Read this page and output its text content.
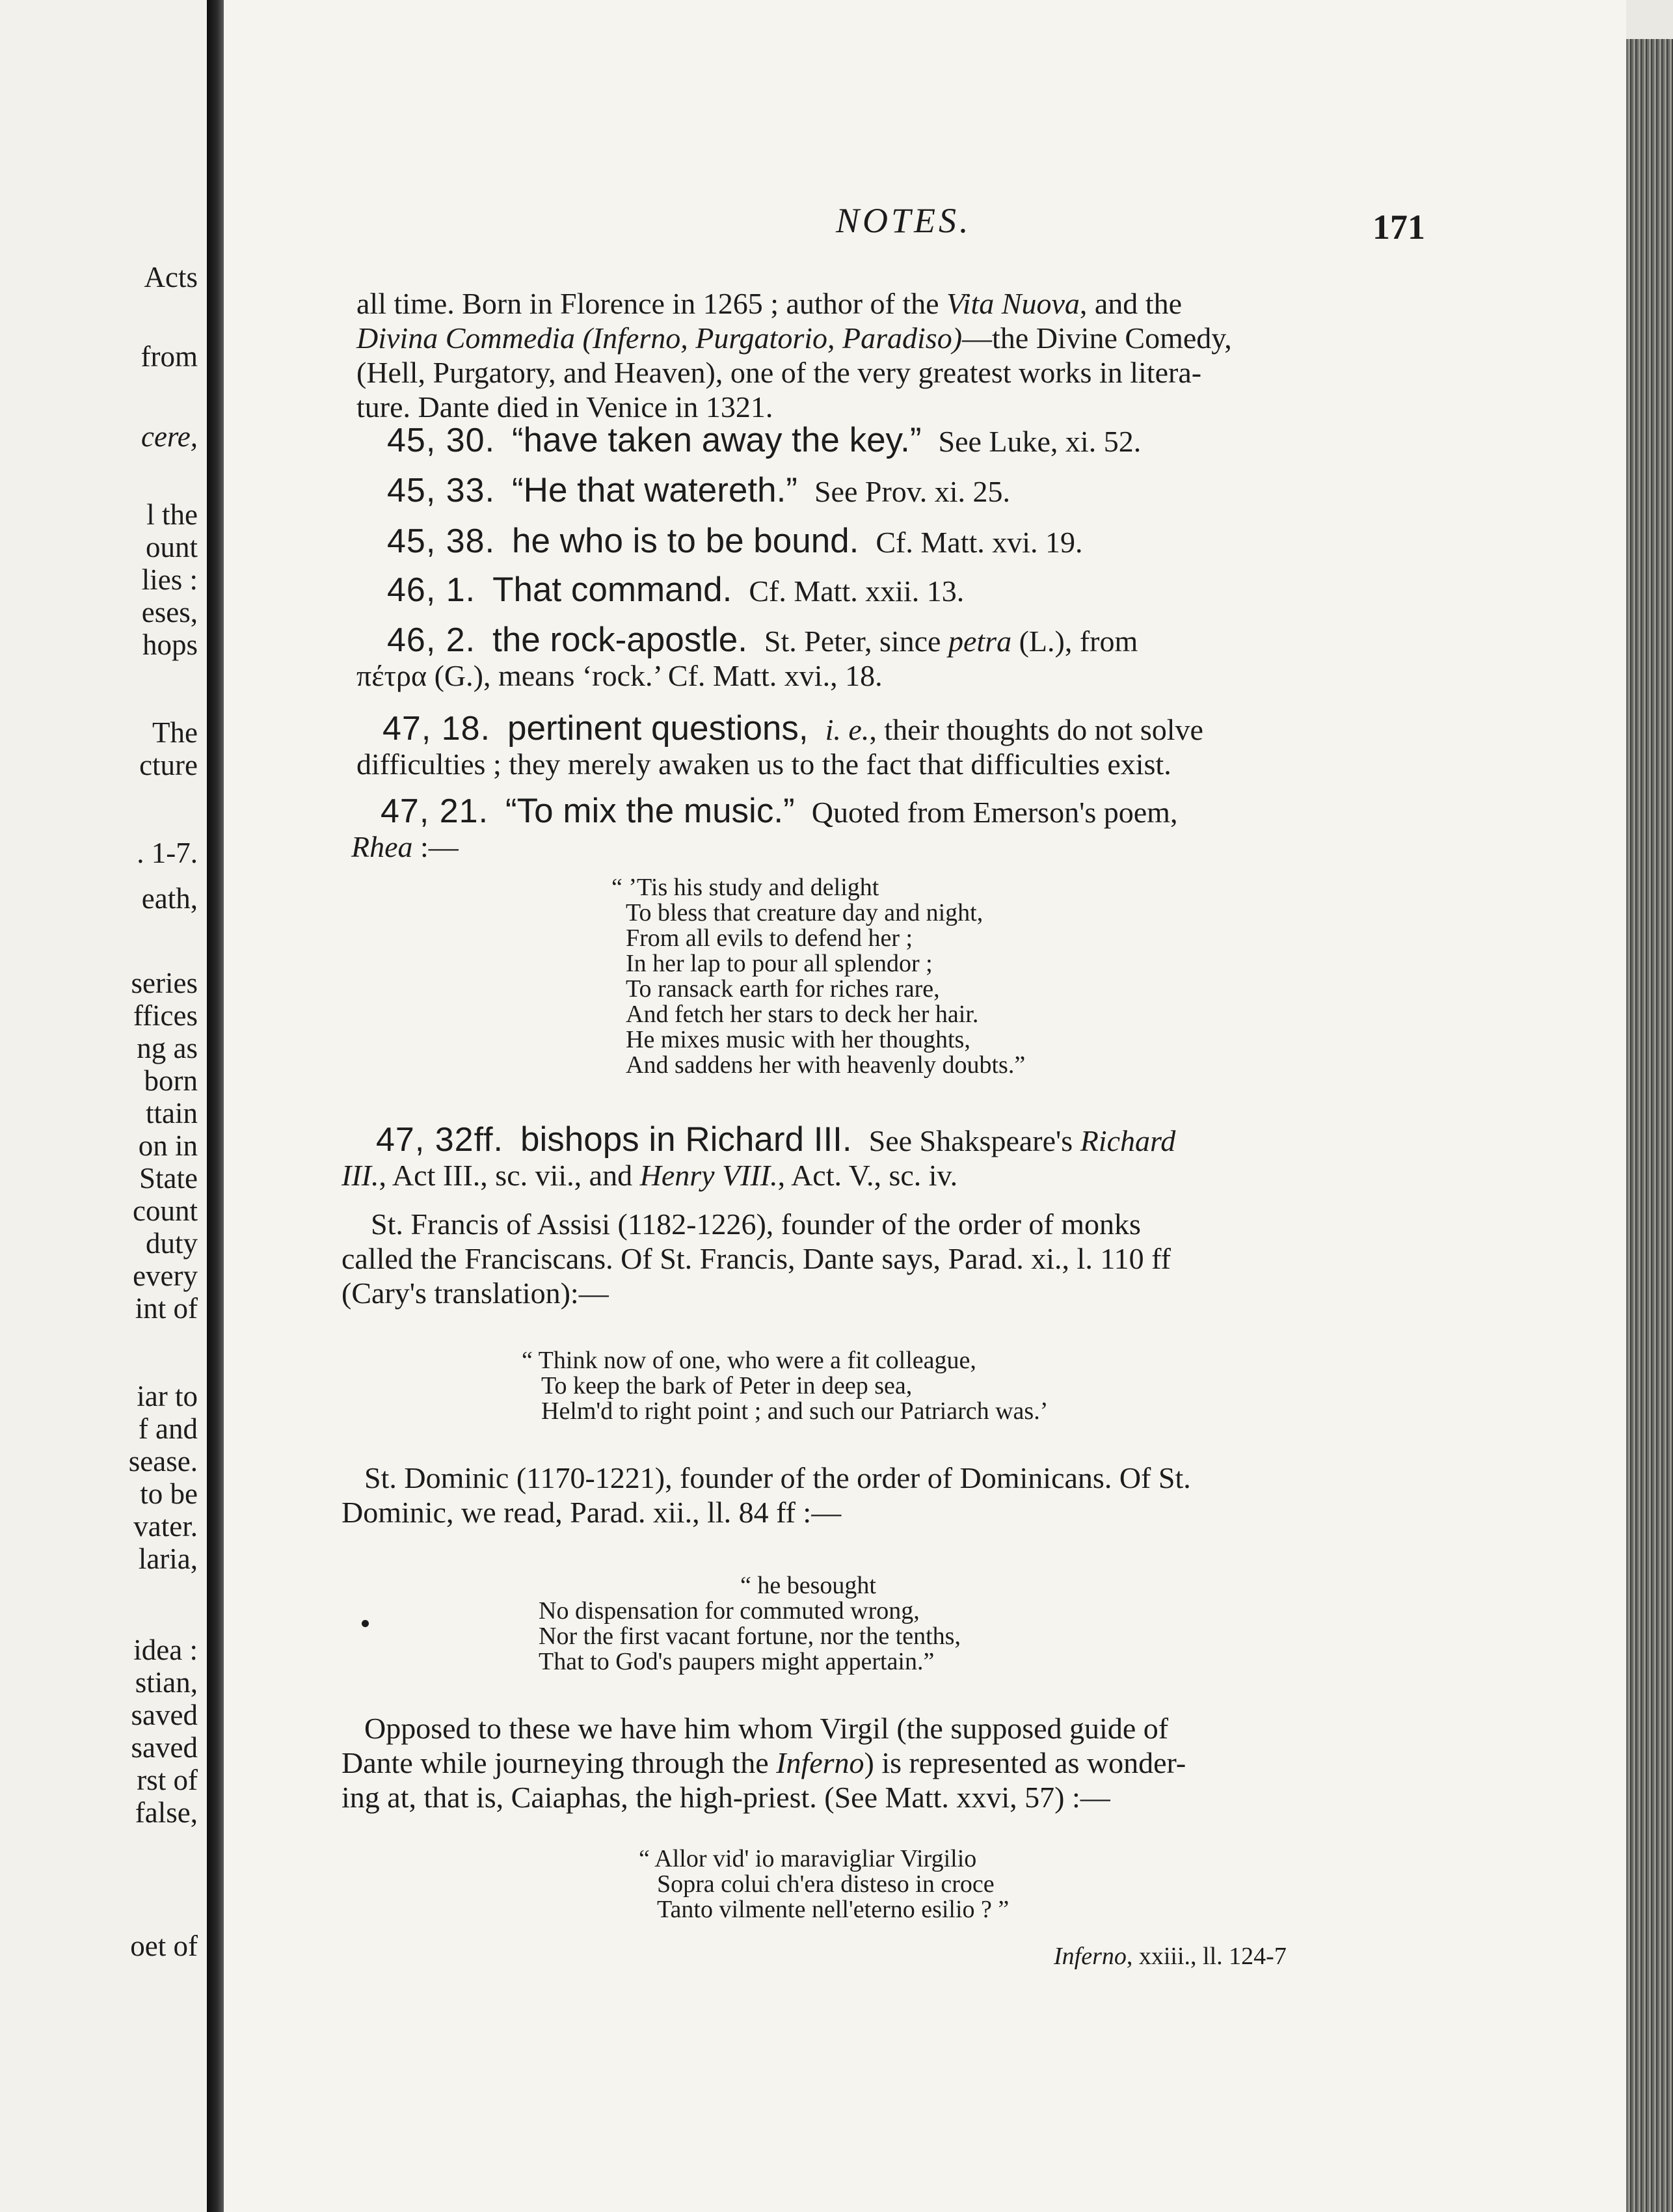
Acts
from
cere,
l the
ount
lies :
eses,
hops
The
cture
. 1-7.
eath,
series
ffices
ng as
born
ttain
on in
State
count
duty
every
int of
iar to
f and
sease.
to be
vater.
laria,
idea :
stian,
saved
saved
rst of
false,
oet of
NOTES.	171
all time. Born in Florence in 1265 ; author of the Vita Nuova, and the
Divina Commedia (Inferno, Purgatorio, Paradiso)—the Divine Comedy,
(Hell, Purgatory, and Heaven), one of the very greatest works in litera-
ture. Dante died in Venice in 1321.
45, 30. “have taken away the key.” See Luke, xi. 52.
45, 33. “He that watereth.” See Prov. xi. 25.
45, 38. he who is to be bound. Cf. Matt. xvi. 19.
46, 1. That command. Cf. Matt. xxii. 13.
46, 2. the rock-apostle. St. Peter, since petra (L.), from
πέτρα (G.), means ‘rock.’ Cf. Matt. xvi., 18.
47, 18. pertinent questions, i. e., their thoughts do not solve
difficulties ; they merely awaken us to the fact that difficulties exist.
47, 21. “To mix the music.” Quoted from Emerson's poem,
Rhea :—
“ ’Tis his study and delight
To bless that creature day and night,
From all evils to defend her ;
In her lap to pour all splendor ;
To ransack earth for riches rare,
And fetch her stars to deck her hair.
He mixes music with her thoughts,
And saddens her with heavenly doubts.”
47, 32ff. bishops in Richard III. See Shakspeare's Richard
III., Act III., sc. vii., and Henry VIII., Act. V., sc. iv.
St. Francis of Assisi (1182-1226), founder of the order of monks
called the Franciscans. Of St. Francis, Dante says, Parad. xi., l. 110 ff
(Cary's translation):—
“ Think now of one, who were a fit colleague,
To keep the bark of Peter in deep sea,
Helm'd to right point ; and such our Patriarch was.’
St. Dominic (1170-1221), founder of the order of Dominicans. Of St.
Dominic, we read, Parad. xii., ll. 84 ff :—
“ he besought
No dispensation for commuted wrong,
Nor the first vacant fortune, nor the tenths,
That to God's paupers might appertain.”
Opposed to these we have him whom Virgil (the supposed guide of
Dante while journeying through the Inferno) is represented as wonder-
ing at, that is, Caiaphas, the high-priest. (See Matt. xxvi, 57) :—
“ Allor vid' io maravigliar Virgilio
Sopra colui ch'era disteso in croce
Tanto vilmente nell'eterno esilio ? ”
Inferno, xxiii., ll. 124-7
